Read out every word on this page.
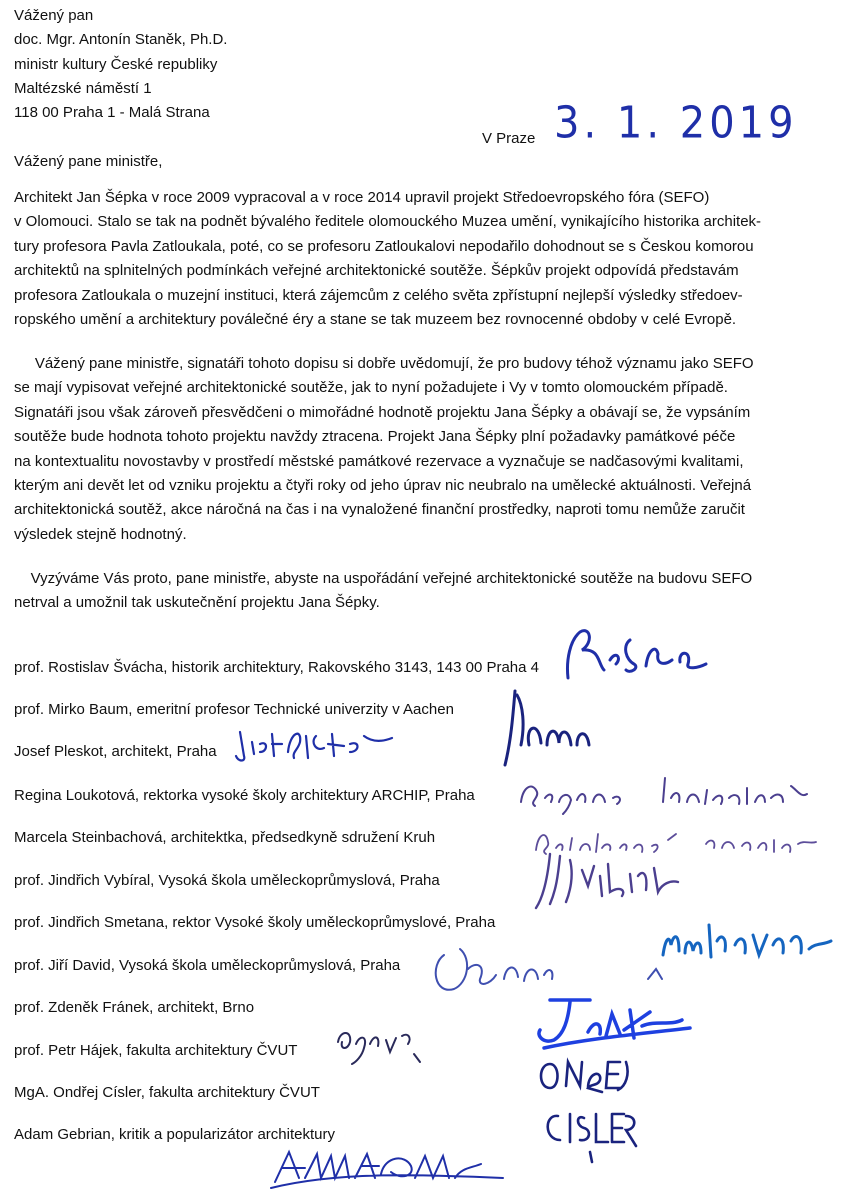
Vážený pan
doc. Mgr. Antonín Staněk, Ph.D.
ministr kultury České republiky
Maltézské náměstí 1
118 00 Praha 1 - Malá Strana
V Praze 3. 1. 2019
Vážený pane ministře,

Architekt Jan Šépka v roce 2009 vypracoval a v roce 2014 upravil projekt Středoevropského fóra (SEFO)
v Olomouci. Stalo se tak na podnět bývalého ředitele olomouckého Muzea umění, vynikajícího historika architek-
tury profesora Pavla Zatloukala, poté, co se profesoru Zatloukalovi nepodařilo dohodnout se s Českou komorou
architektů na splnitelných podmínkách veřejné architektonické soutěže. Šépkův projekt odpovídá představám
profesora Zatloukala o muzejní instituci, která zájemcům z celého světa zpřístupní nejlepší výsledky středoev-
ropského umění a architektury poválečné éry a stane se tak muzeem bez rovnocenné obdoby v celé Evropě.

Vážený pane ministře, signatáři tohoto dopisu si dobře uvědomují, že pro budovy téhož významu jako SEFO
se mají vypisovat veřejné architektonické soutěže, jak to nyní požadujete i Vy v tomto olomouckém případě.
Signatáři jsou však zároveň přesvědčeni o mimořádné hodnotě projektu Jana Šépky a obávají se, že vypsáním
soutěže bude hodnota tohoto projektu navždy ztracena. Projekt Jana Šépky plní požadavky památkové péče
na kontextualitu novostavby v prostředí městské památkové rezervace a vyznačuje se nadčasovými kvalitami,
kterým ani devět let od vzniku projektu a čtyři roky od jeho úprav nic neubralo na umělecké aktuálnosti. Veřejná
architektonická soutěž, akce náročná na čas i na vynaložené finanční prostředky, naproti tomu nemůže zaručit
výsledek stejně hodnotný.

Vyzýváme Vás proto, pane ministře, abyste na uspořádání veřejné architektonické soutěže na budovu SEFO
netrval a umožnil tak uskutečnění projektu Jana Šépky.

prof. Rostislav Švácha, historik architektury, Rakovského 3143, 143 00 Praha 4
prof. Mirko Baum, emeritní profesor Technické univerzity v Aachen
Josef Pleskot, architekt, Praha
Regina Loukotová, rektorka vysoké školy architektury ARCHIP, Praha
Marcela Steinbachová, architektka, předsedkyně sdružení Kruh
prof. Jindřich Vybíral, Vysoká škola uměleckoprůmyslová, Praha
prof. Jindřich Smetana, rektor Vysoké školy uměleckoprůmyslové, Praha
prof. Jiří David, Vysoká škola uměleckoprůmyslová, Praha
prof. Zdeněk Fránek, architekt, Brno
prof. Petr Hájek, fakulta architektury ČVUT
MgA. Ondřej Císler, fakulta architektury ČVUT
Adam Gebrian, kritik a popularizátor architektury
